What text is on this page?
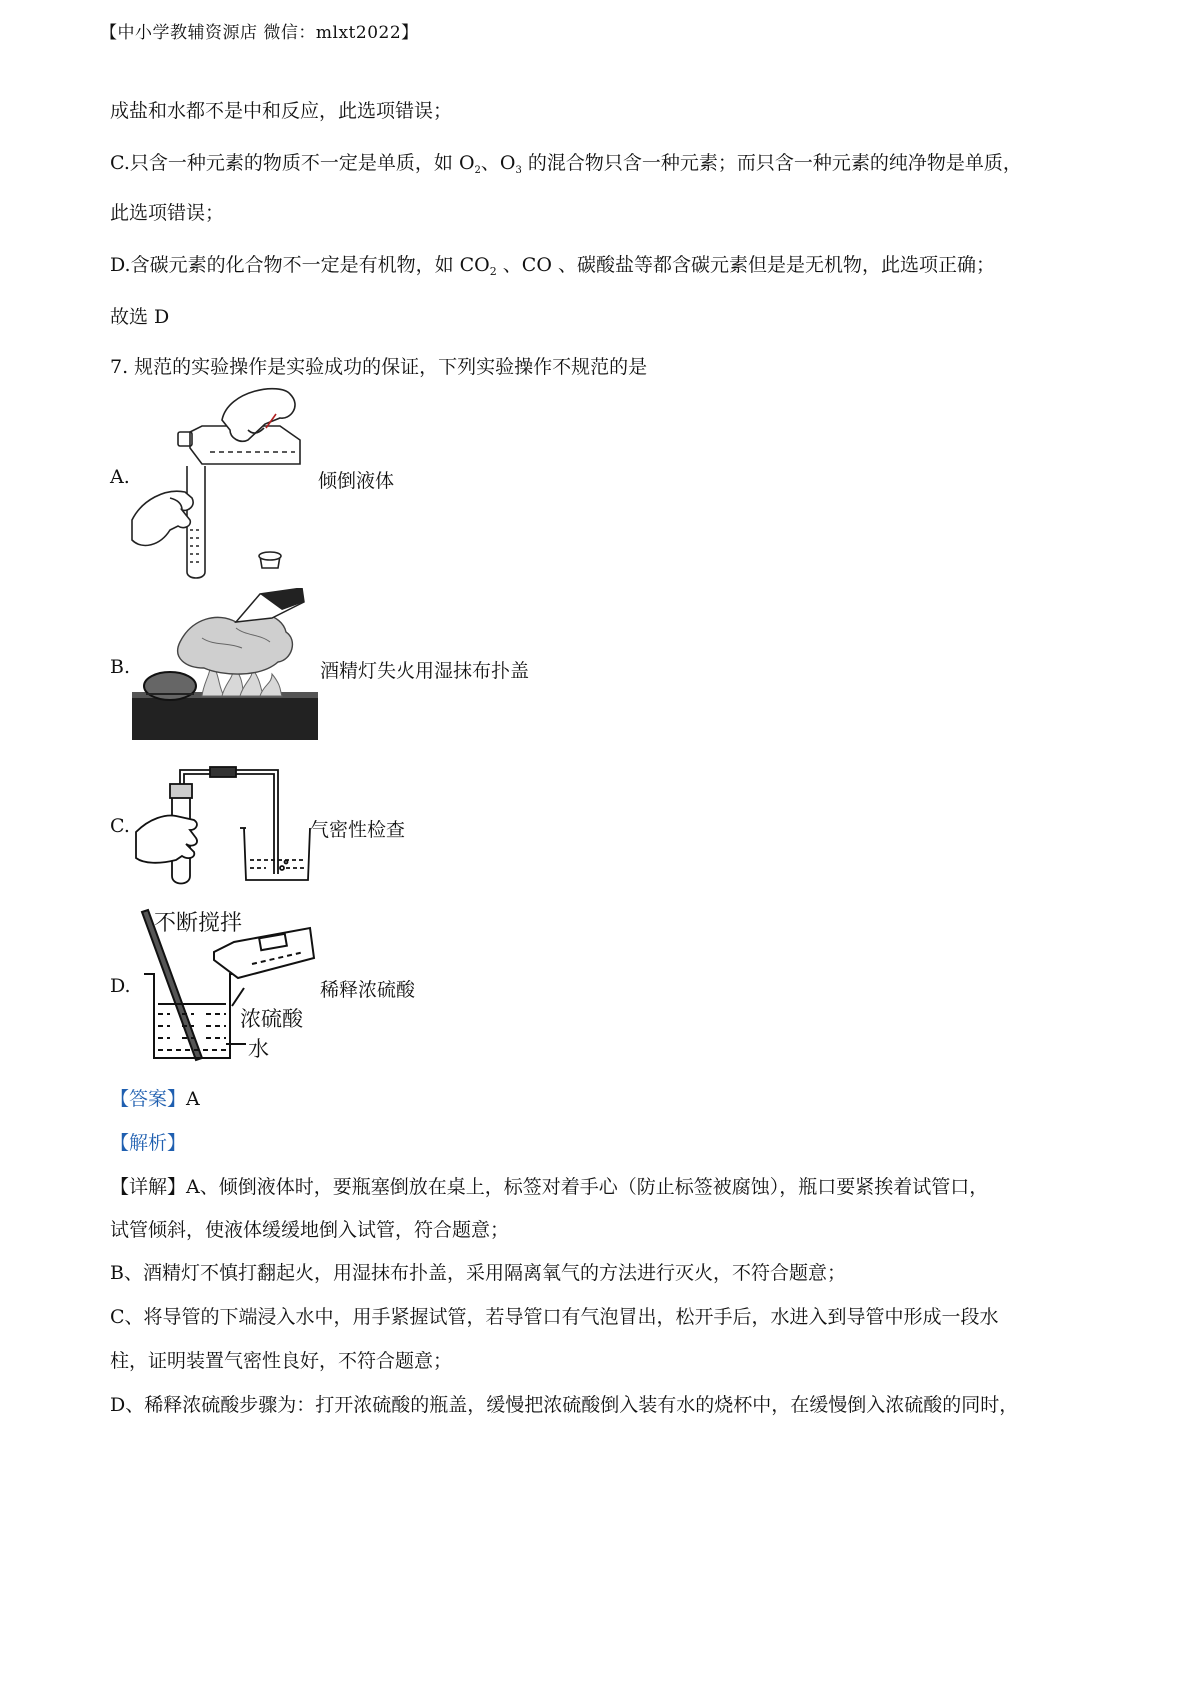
【中小学教辅资源店 微信：mlxt2022】
成盐和水都不是中和反应，此选项错误；
C.只含一种元素的物质不一定是单质，如 $O_2$、$O_3$ 的混合物只含一种元素；而只含一种元素的纯净物是单质，
此选项错误；
D.含碳元素的化合物不一定是有机物，如 $CO_2$ 、CO 、碳酸盐等都含碳元素但是是无机物，此选项正确；
故选 D
7. 规范的实验操作是实验成功的保证，下列实验操作不规范的是
A.	倾倒液体
B.	酒精灯失火用湿抹布扑盖
C.	气密性检查
D.
不断搅拌
浓硫酸
水
稀释浓硫酸
【答案】A
【解析】
【详解】A、倾倒液体时，要瓶塞倒放在桌上，标签对着手心（防止标签被腐蚀），瓶口要紧挨着试管口，
试管倾斜，使液体缓缓地倒入试管，符合题意；
B、酒精灯不慎打翻起火，用湿抹布扑盖，采用隔离氧气的方法进行灭火，不符合题意；
C、将导管的下端浸入水中，用手紧握试管，若导管口有气泡冒出，松开手后，水进入到导管中形成一段水
柱，证明装置气密性良好，不符合题意；
D、稀释浓硫酸步骤为：打开浓硫酸的瓶盖，缓慢把浓硫酸倒入装有水的烧杯中，在缓慢倒入浓硫酸的同时，
